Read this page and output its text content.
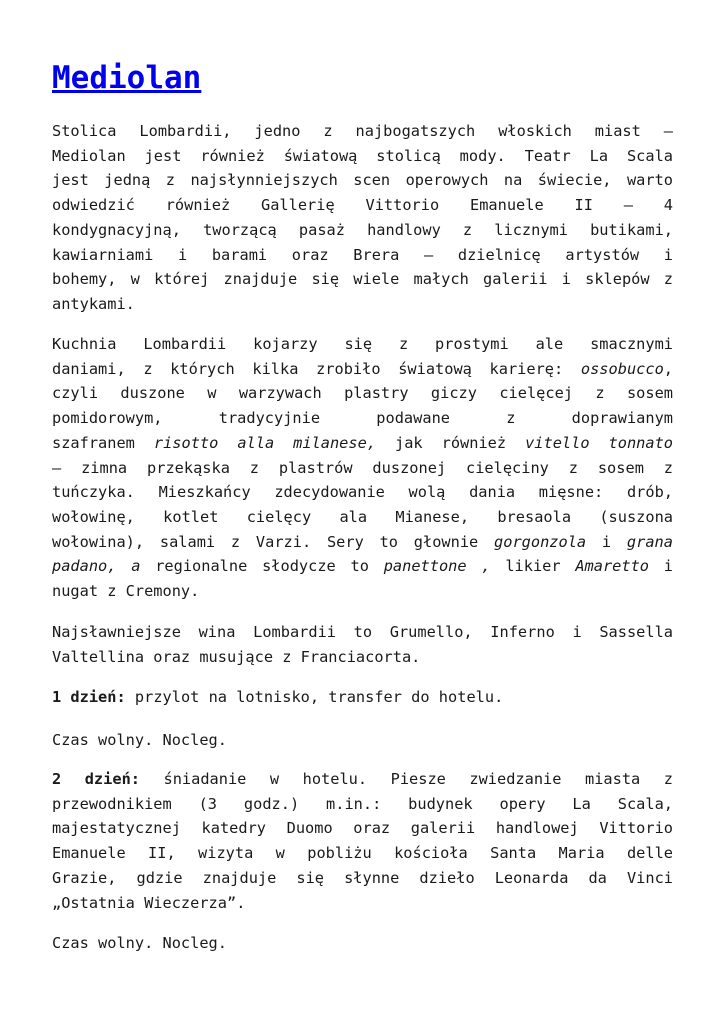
Mediolan
Stolica Lombardii, jedno z najbogatszych włoskich miast –
Mediolan jest również światową stolicą mody. Teatr La Scala
jest jedną z najsłynniejszych scen operowych na świecie, warto
odwiedzić również Gallerię Vittorio Emanuele II – 4
kondygnacyjną, tworzącą pasaż handlowy z licznymi butikami,
kawiarniami i barami oraz Brera – dzielnicę artystów i
bohemy, w której znajduje się wiele małych galerii i sklepów z
antykami.
Kuchnia Lombardii kojarzy się z prostymi ale smacznymi
daniami, z których kilka zrobiło światową karierę: ossobucco,
czyli duszone w warzywach plastry giczy cielęcej z sosem
pomidorowym, tradycyjnie podawane z doprawianym
szafranem risotto alla milanese, jak również vitello tonnato
– zimna przekąska z plastrów duszonej cielęciny z sosem z
tuńczyka. Mieszkańcy zdecydowanie wolą dania mięsne: drób,
wołowinę, kotlet cielęcy ala Mianese, bresaola (suszona
wołowina), salami z Varzi. Sery to głownie gorgonzola i grana
padano, a regionalne słodycze to panettone , likier Amaretto i
nugat z Cremony.
Najsławniejsze wina Lombardii to Grumello, Inferno i Sassella
Valtellina oraz musujące z Franciacorta.
1 dzień: przylot na lotnisko, transfer do hotelu.
Czas wolny. Nocleg.
2 dzień: śniadanie w hotelu. Piesze zwiedzanie miasta z
przewodnikiem (3 godz.) m.in.: budynek opery La Scala,
majestatycznej katedry Duomo oraz galerii handlowej Vittorio
Emanuele II, wizyta w pobliżu kościoła Santa Maria delle
Grazie, gdzie znajduje się słynne dzieło Leonarda da Vinci
„Ostatnia Wieczerza”.
Czas wolny. Nocleg.
